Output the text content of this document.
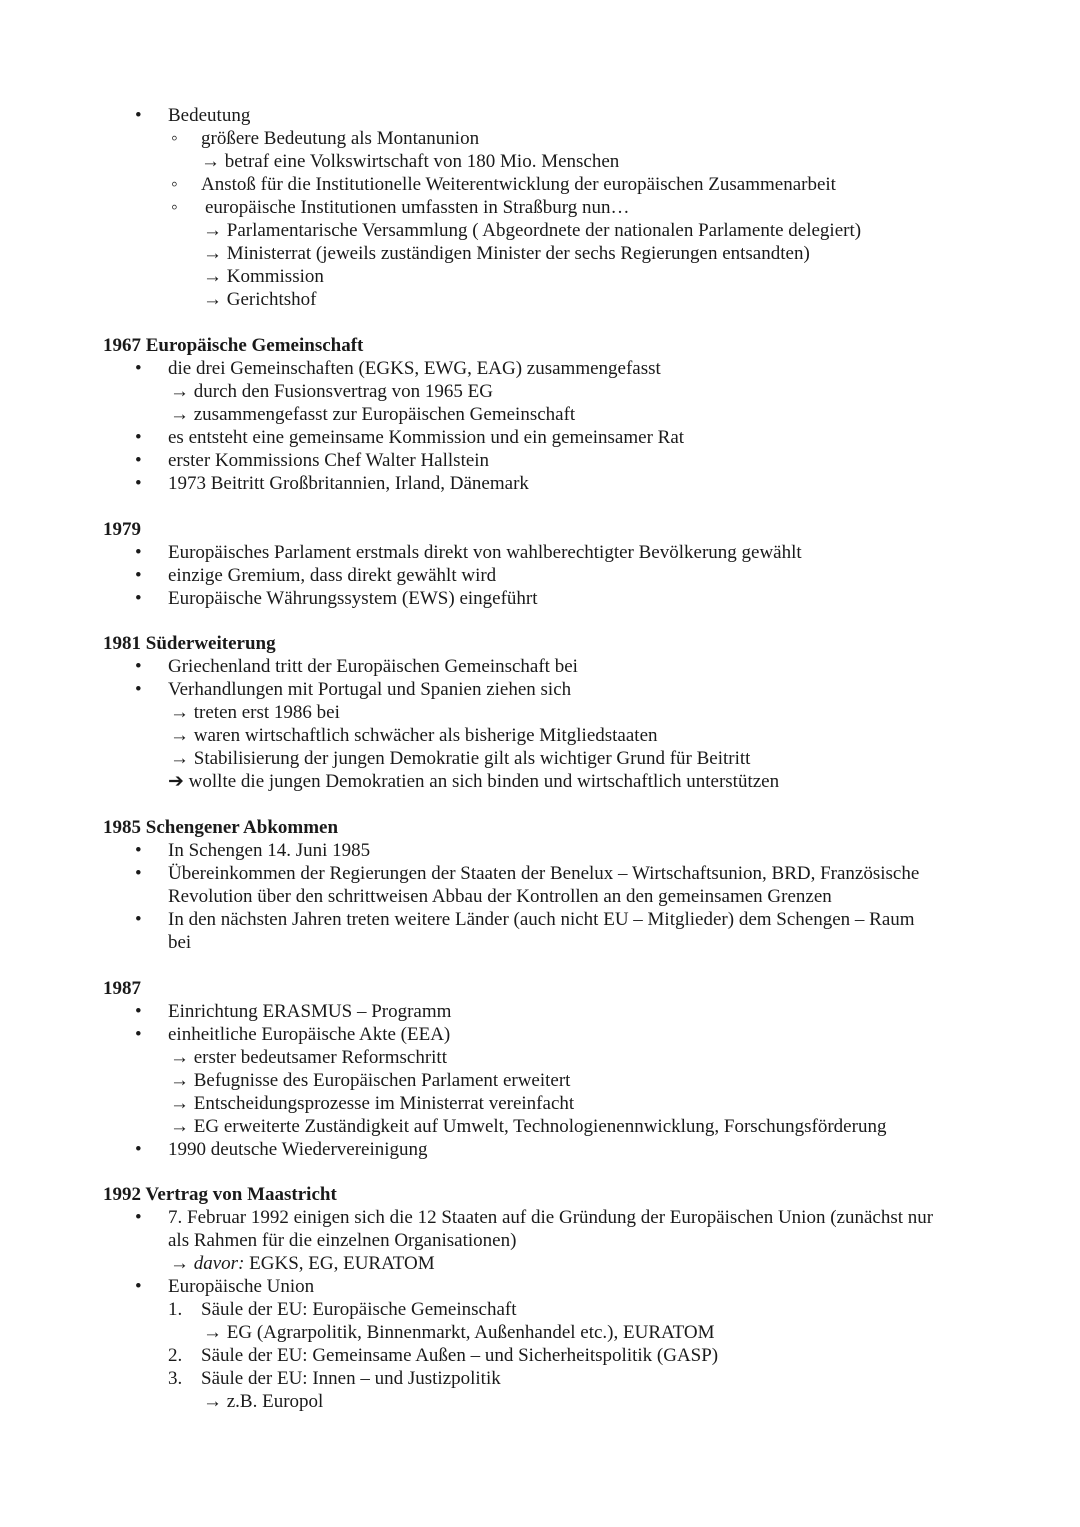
• Bedeutung
◦ größere Bedeutung als Montanunion
→ betraf eine Volkswirtschaft von 180 Mio. Menschen
◦ Anstoß für die Institutionelle Weiterentwicklung der europäischen Zusammenarbeit
◦ europäische Institutionen umfassten in Straßburg nun…
→ Parlamentarische Versammlung ( Abgeordnete der nationalen Parlamente delegiert)
→ Ministerrat (jeweils zuständigen Minister der sechs Regierungen entsandten)
→ Kommission
→ Gerichtshof
1967 Europäische Gemeinschaft
• die drei Gemeinschaften (EGKS, EWG, EAG) zusammengefasst
→ durch den Fusionsvertrag von 1965 EG
→ zusammengefasst zur Europäischen Gemeinschaft
• es entsteht eine gemeinsame Kommission und ein gemeinsamer Rat
• erster Kommissions Chef Walter Hallstein
• 1973 Beitritt Großbritannien, Irland, Dänemark
1979
• Europäisches Parlament erstmals direkt von wahlberechtigter Bevölkerung gewählt
• einzige Gremium, dass direkt gewählt wird
• Europäische Währungssystem (EWS) eingeführt
1981 Süderweiterung
• Griechenland tritt der Europäischen Gemeinschaft bei
• Verhandlungen mit Portugal und Spanien ziehen sich
→ treten erst 1986 bei
→ waren wirtschaftlich schwächer als bisherige Mitgliedstaaten
→ Stabilisierung der jungen Demokratie gilt als wichtiger Grund für Beitritt
➔ wollte die jungen Demokratien an sich binden und wirtschaftlich unterstützen
1985 Schengener Abkommen
• In Schengen 14. Juni 1985
• Übereinkommen der Regierungen der Staaten der Benelux – Wirtschaftsunion, BRD, Französische
Revolution über den schrittweisen Abbau der Kontrollen an den gemeinsamen Grenzen
• In den nächsten Jahren treten weitere Länder (auch nicht EU – Mitglieder) dem Schengen – Raum
bei
1987
• Einrichtung ERASMUS – Programm
• einheitliche Europäische Akte (EEA)
→ erster bedeutsamer Reformschritt
→ Befugnisse des Europäischen Parlament erweitert
→ Entscheidungsprozesse im Ministerrat vereinfacht
→ EG erweiterte Zuständigkeit auf Umwelt, Technologienennwicklung, Forschungsförderung
• 1990 deutsche Wiedervereinigung
1992 Vertrag von Maastricht
• 7. Februar 1992 einigen sich die 12 Staaten auf die Gründung der Europäischen Union (zunächst nur
als Rahmen für die einzelnen Organisationen)
→ davor: EGKS, EG, EURATOM
• Europäische Union
1. Säule der EU: Europäische Gemeinschaft
→ EG (Agrarpolitik, Binnenmarkt, Außenhandel etc.), EURATOM
2. Säule der EU: Gemeinsame Außen – und Sicherheitspolitik (GASP)
3. Säule der EU: Innen – und Justizpolitik
→ z.B. Europol
